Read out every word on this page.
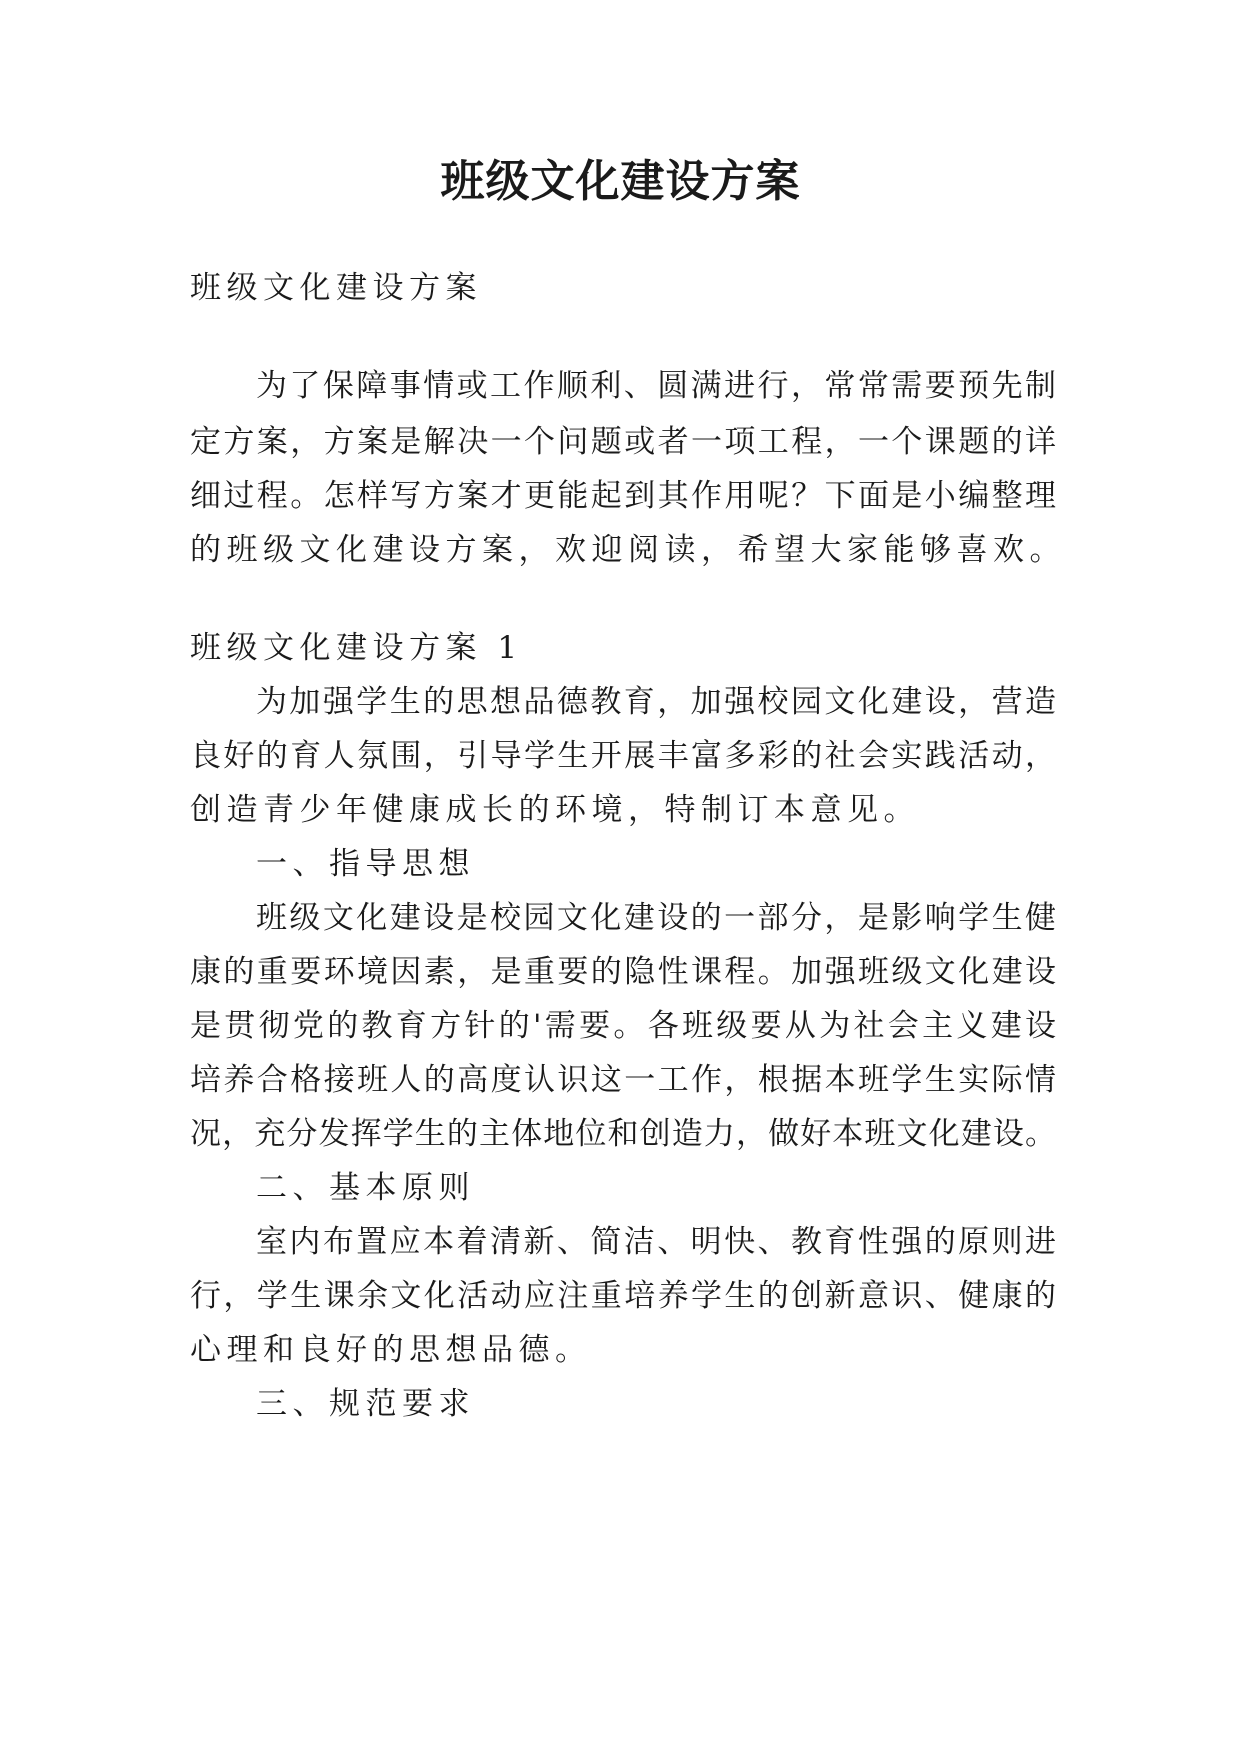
班级文化建设方案
班级文化建设方案
为了保障事情或工作顺利、圆满进行，常常需要预先制
定方案，方案是解决一个问题或者一项工程，一个课题的详
细过程。怎样写方案才更能起到其作用呢？下面是小编整理
的班级文化建设方案，欢迎阅读，希望大家能够喜欢。
班级文化建设方案 1
为加强学生的思想品德教育，加强校园文化建设，营造
良好的育人氛围，引导学生开展丰富多彩的社会实践活动，
创造青少年健康成长的环境，特制订本意见。
一、指导思想
班级文化建设是校园文化建设的一部分，是影响学生健
康的重要环境因素，是重要的隐性课程。加强班级文化建设
是贯彻党的教育方针的'需要。各班级要从为社会主义建设
培养合格接班人的高度认识这一工作，根据本班学生实际情
况，充分发挥学生的主体地位和创造力，做好本班文化建设。
二、基本原则
室内布置应本着清新、简洁、明快、教育性强的原则进
行，学生课余文化活动应注重培养学生的创新意识、健康的
心理和良好的思想品德。
三、规范要求
